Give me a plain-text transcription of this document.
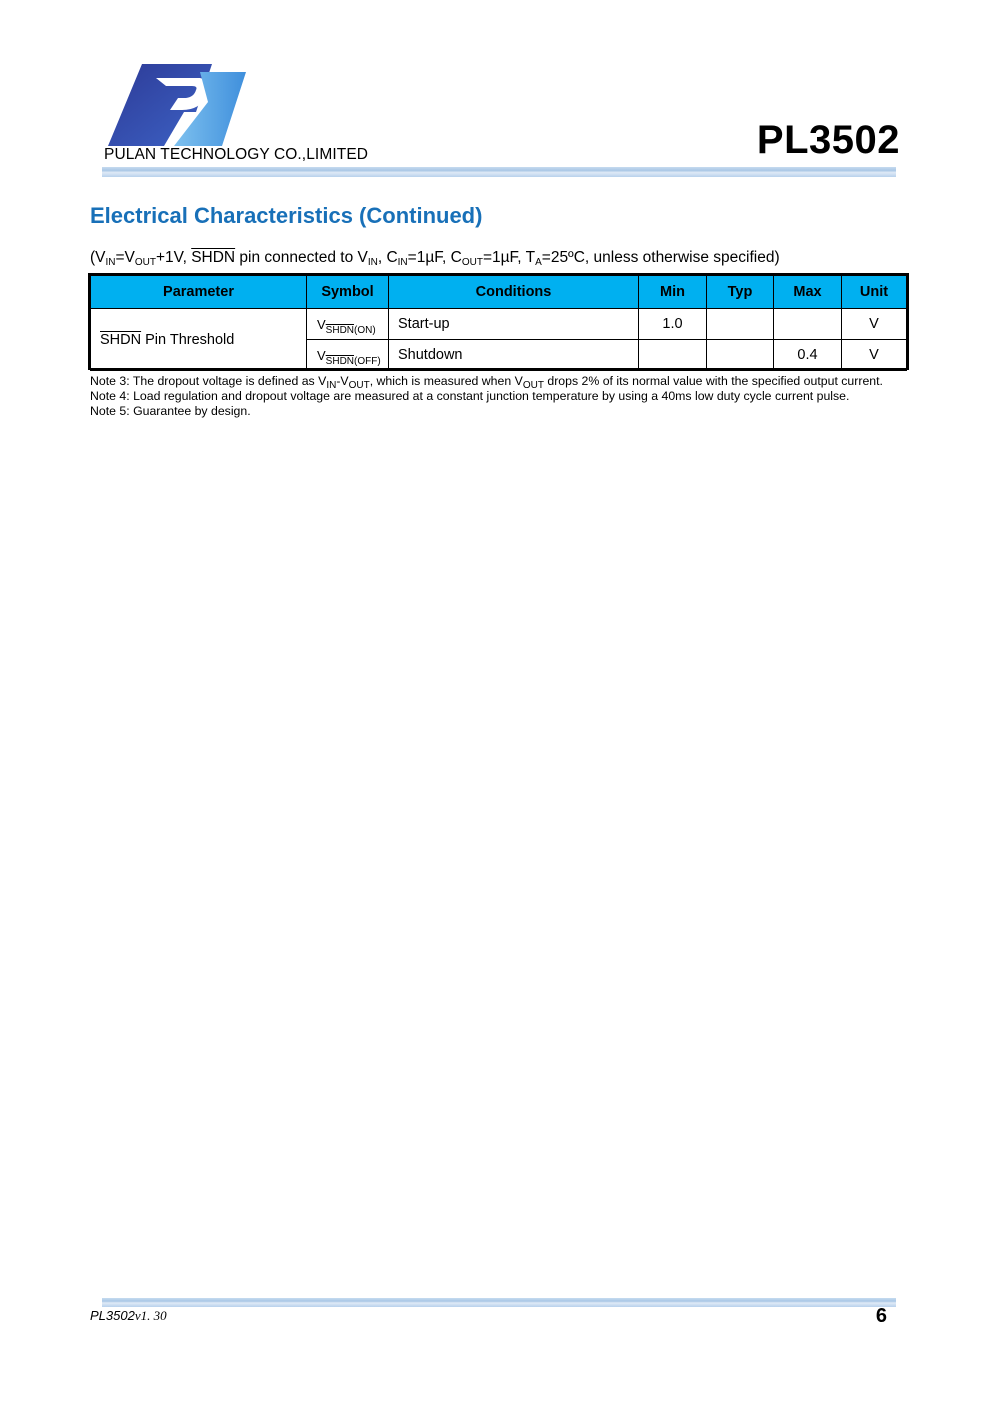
PULAN TECHNOLOGY CO.,LIMITED	PL3502
Electrical Characteristics (Continued)
($V_{IN}=V_{OUT}+1V$, SHDN pin connected to $V_{IN}$, $C_{IN}=1\mu F$, $C_{OUT}=1\mu F$, $T_A=25ºC$, unless otherwise specified)
Parameter	Symbol	Conditions	Min	Typ	Max	Unit
SHDN Pin Threshold	$V_{SHDN(ON)}$	Start-up	1.0			V
	$V_{SHDN(OFF)}$	Shutdown			0.4	V

Note 3: The dropout voltage is defined as $V_{IN}-V_{OUT}$, which is measured when $V_{OUT}$ drops 2% of its normal value with the specified output current.

Note 4: Load regulation and dropout voltage are measured at a constant junction temperature by using a 40ms low duty cycle current pulse.

Note 5: Guarantee by design.

PL3502v1. 30	6
